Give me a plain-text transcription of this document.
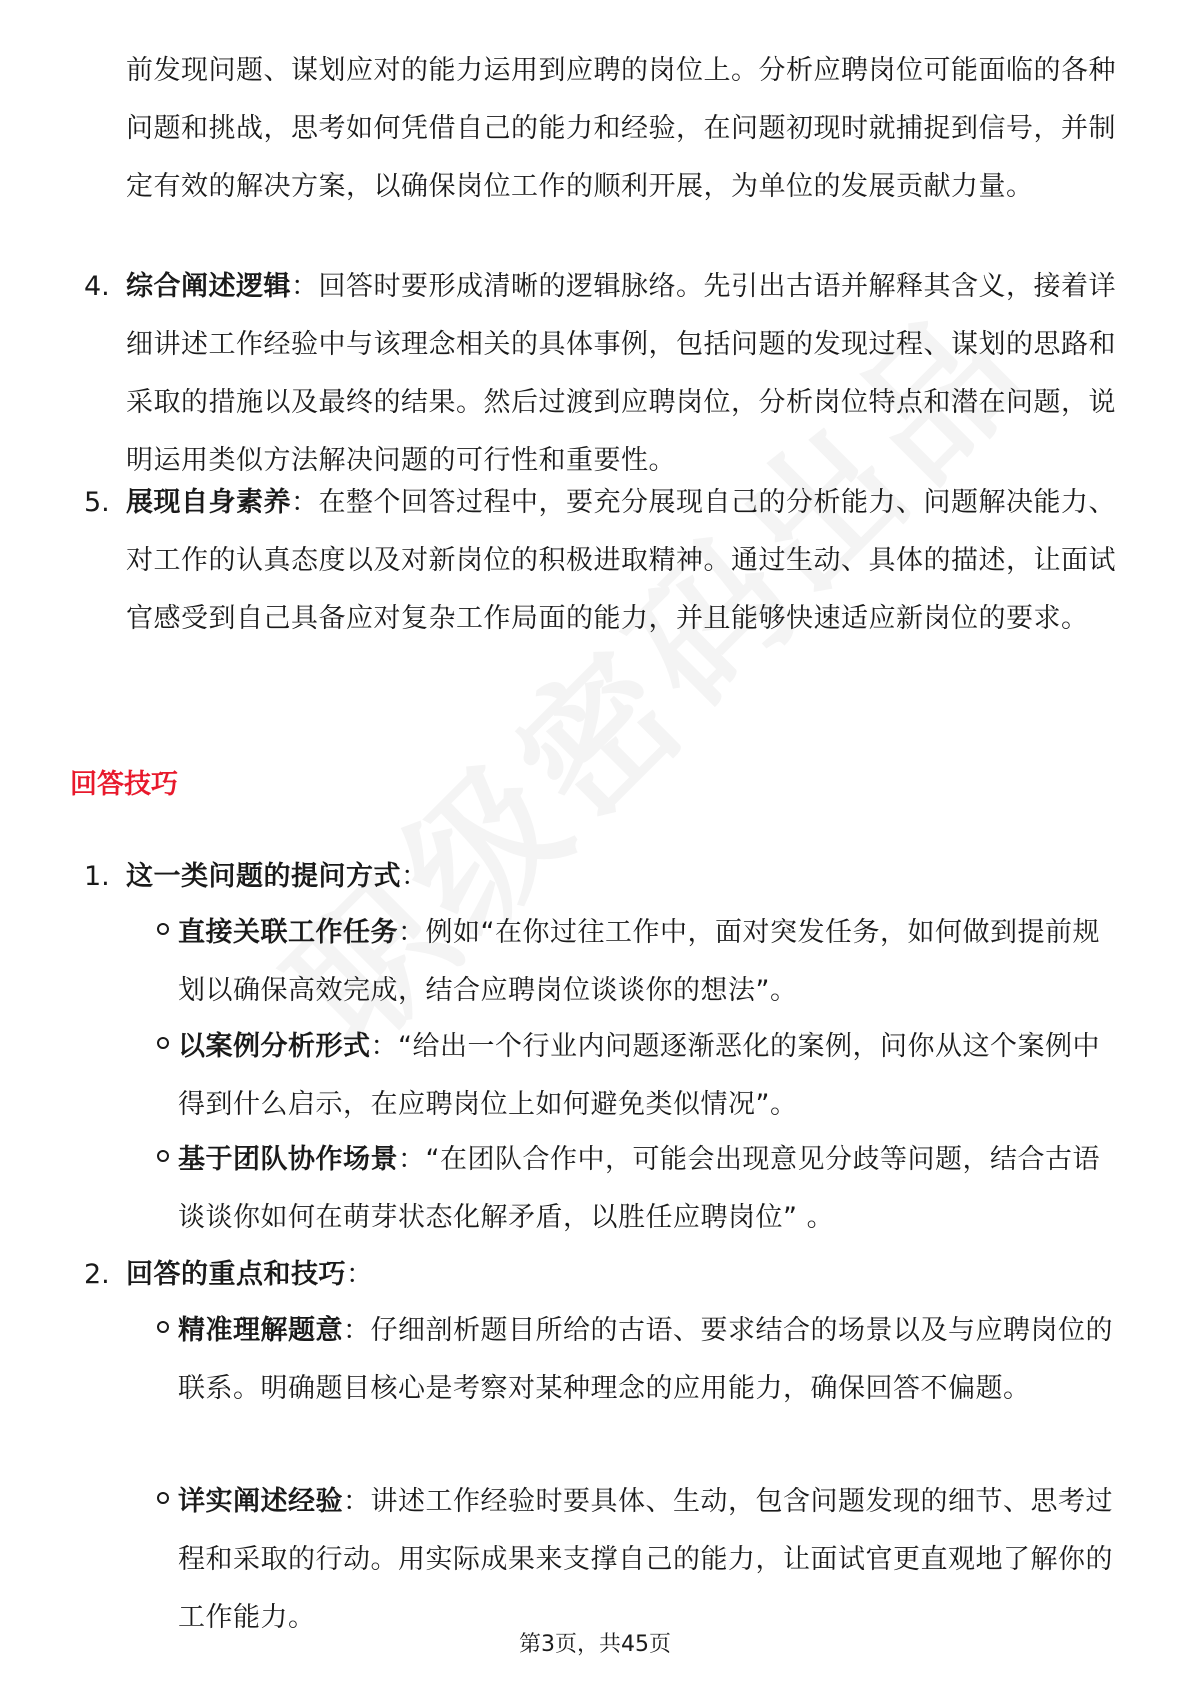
前发现问题、谋划应对的能力运用到应聘的岗位上。分析应聘岗位可能面临的各种问题和挑战，思考如何凭借自己的能力和经验，在问题初现时就捕捉到信号，并制定有效的解决方案，以确保岗位工作的顺利开展，为单位的发展贡献力量。
4. 综合阐述逻辑：回答时要形成清晰的逻辑脉络。先引出古语并解释其含义，接着详细讲述工作经验中与该理念相关的具体事例，包括问题的发现过程、谋划的思路和采取的措施以及最终的结果。然后过渡到应聘岗位，分析岗位特点和潜在问题，说明运用类似方法解决问题的可行性和重要性。
5. 展现自身素养：在整个回答过程中，要充分展现自己的分析能力、问题解决能力、对工作的认真态度以及对新岗位的积极进取精神。通过生动、具体的描述，让面试官感受到自己具备应对复杂工作局面的能力，并且能够快速适应新岗位的要求。
回答技巧
1. 这一类问题的提问方式：
直接关联工作任务：例如“在你过往工作中，面对突发任务，如何做到提前规划以确保高效完成，结合应聘岗位谈谈你的想法”。
以案例分析形式：“给出一个行业内问题逐渐恶化的案例，问你从这个案例中得到什么启示，在应聘岗位上如何避免类似情况”。
基于团队协作场景：“在团队合作中，可能会出现意见分歧等问题，结合古语谈谈你如何在萌芽状态化解矛盾，以胜任应聘岗位” 。
2. 回答的重点和技巧：
精准理解题意：仔细剖析题目所给的古语、要求结合的场景以及与应聘岗位的联系。明确题目核心是考察对某种理念的应用能力，确保回答不偏题。
详实阐述经验：讲述工作经验时要具体、生动，包含问题发现的细节、思考过程和采取的行动。用实际成果来支撑自己的能力，让面试官更直观地了解你的工作能力。
第3页，共45页
